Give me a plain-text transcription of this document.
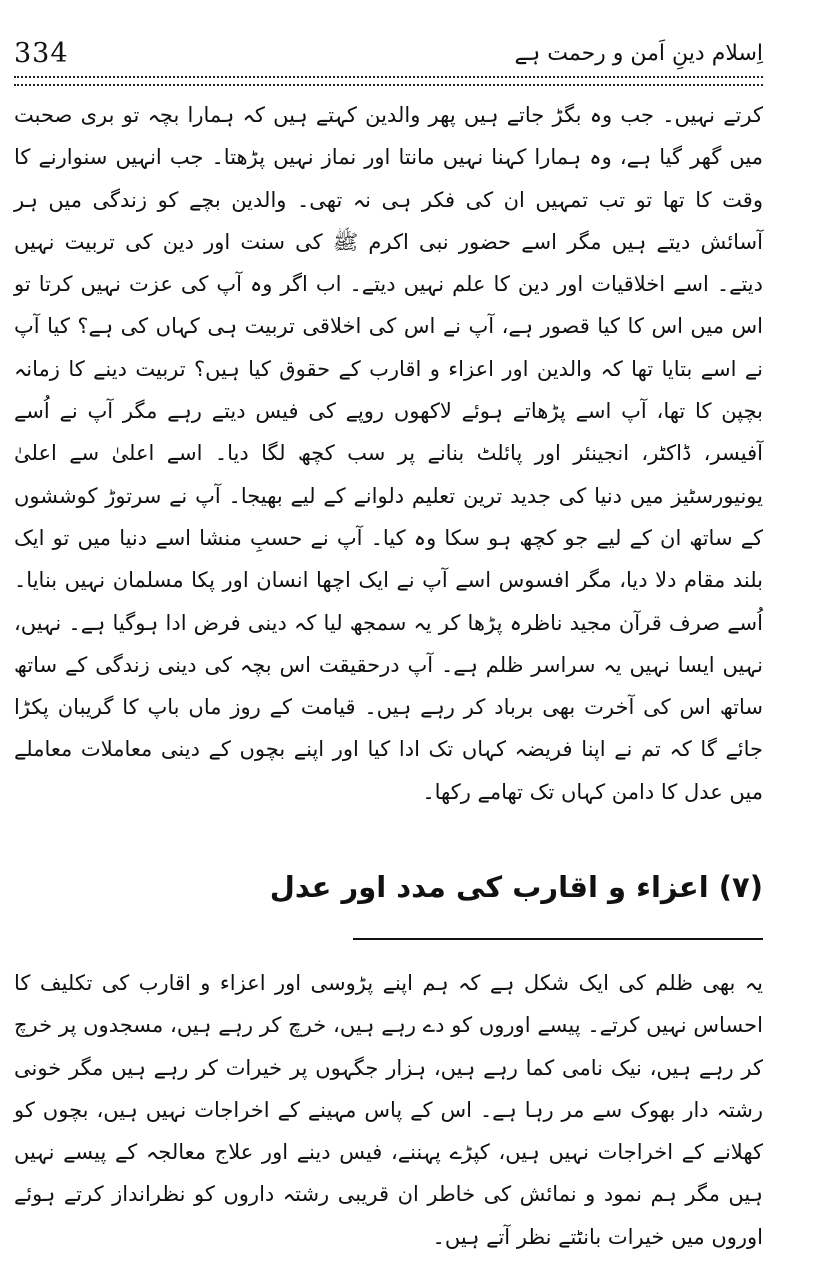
334	اِسلام دینِ اَمن و رحمت ہے

کرتے نہیں۔ جب وہ بگڑ جاتے ہیں پھر والدین کہتے ہیں کہ ہمارا بچہ تو بری صحبت میں گھر گیا ہے، وہ ہمارا کہنا نہیں مانتا اور نماز نہیں پڑھتا۔ جب انہیں سنوارنے کا وقت کا تھا تو تب تمہیں ان کی فکر ہی نہ تھی۔ والدین بچے کو زندگی میں ہر آسائش دیتے ہیں مگر اسے حضور نبی اکرم ﷺ کی سنت اور دین کی تربیت نہیں دیتے۔ اسے اخلاقیات اور دین کا علم نہیں دیتے۔ اب اگر وہ آپ کی عزت نہیں کرتا تو اس میں اس کا کیا قصور ہے، آپ نے اس کی اخلاقی تربیت ہی کہاں کی ہے؟ کیا آپ نے اسے بتایا تھا کہ والدین اور اعزاء و اقارب کے حقوق کیا ہیں؟ تربیت دینے کا زمانہ بچپن کا تھا، آپ اسے پڑھاتے ہوئے لاکھوں روپے کی فیس دیتے رہے مگر آپ نے اُسے آفیسر، ڈاکٹر، انجینئر اور پائلٹ بنانے پر سب کچھ لگا دیا۔ اسے اعلیٰ سے اعلیٰ یونیورسٹیز میں دنیا کی جدید ترین تعلیم دلوانے کے لیے بھیجا۔ آپ نے سرتوڑ کوششوں کے ساتھ ان کے لیے جو کچھ ہو سکا وہ کیا۔ آپ نے حسبِ منشا اسے دنیا میں تو ایک بلند مقام دلا دیا، مگر افسوس اسے آپ نے ایک اچھا انسان اور پکا مسلمان نہیں بنایا۔ اُسے صرف قرآن مجید ناظرہ پڑھا کر یہ سمجھ لیا کہ دینی فرض ادا ہوگیا ہے۔ نہیں، نہیں ایسا نہیں یہ سراسر ظلم ہے۔ آپ درحقیقت اس بچہ کی دینی زندگی کے ساتھ ساتھ اس کی آخرت بھی برباد کر رہے ہیں۔ قیامت کے روز ماں باپ کا گریبان پکڑا جائے گا کہ تم نے اپنا فریضہ کہاں تک ادا کیا اور اپنے بچوں کے دینی معاملات معاملے میں عدل کا دامن کہاں تک تھامے رکھا۔

(۷) اعزاء و اقارب کی مدد اور عدل

یہ بھی ظلم کی ایک شکل ہے کہ ہم اپنے پڑوسی اور اعزاء و اقارب کی تکلیف کا احساس نہیں کرتے۔ پیسے اوروں کو دے رہے ہیں، خرچ کر رہے ہیں، مسجدوں پر خرچ کر رہے ہیں، نیک نامی کما رہے ہیں، ہزار جگہوں پر خیرات کر رہے ہیں مگر خونی رشتہ دار بھوک سے مر رہا ہے۔ اس کے پاس مہینے کے اخراجات نہیں ہیں، بچوں کو کھلانے کے اخراجات نہیں ہیں، کپڑے پہننے، فیس دینے اور علاج معالجہ کے پیسے نہیں ہیں مگر ہم نمود و نمائش کی خاطر ان قریبی رشتہ داروں کو نظرانداز کرتے ہوئے اوروں میں خیرات بانٹتے نظر آتے ہیں۔
